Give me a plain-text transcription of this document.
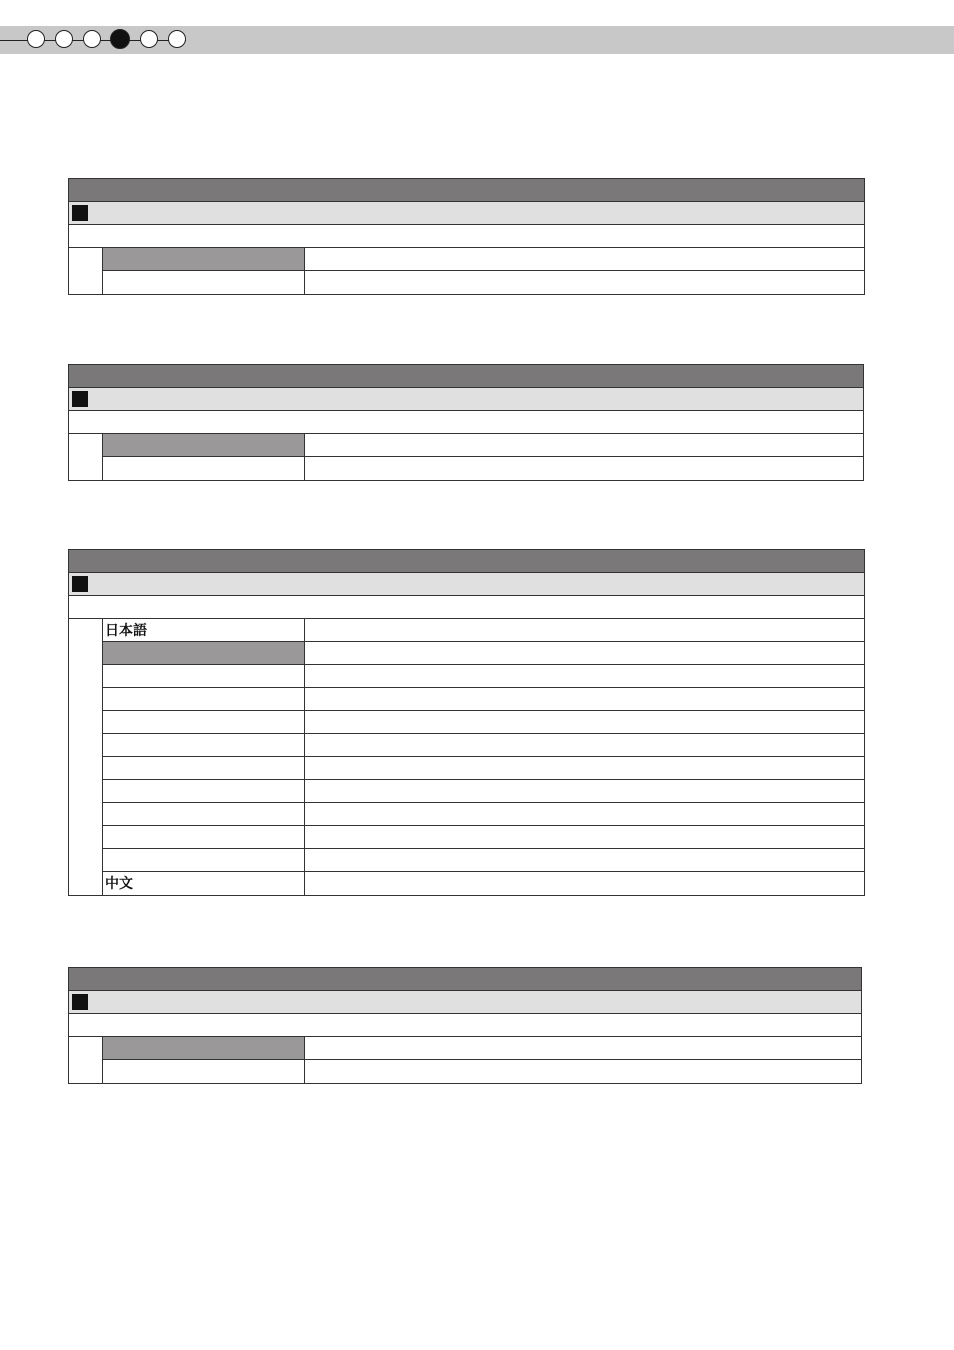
日本語
中文
